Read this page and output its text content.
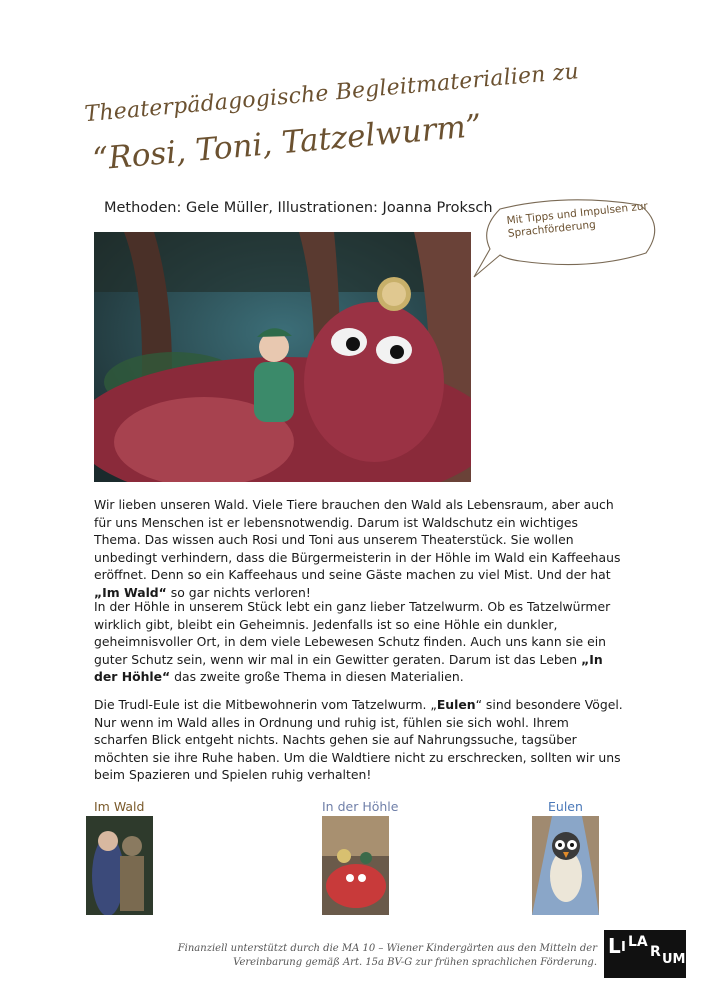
Theaterpädagogische Begleitmaterialien zu
“Rosi, Toni, Tatzelwurm”
Methoden: Gele Müller, Illustrationen: Joanna Proksch Mit Tipps und Impulsen zur Sprachförderung
Wir lieben unseren Wald. Viele Tiere brauchen den Wald als Lebensraum, aber auch für uns Menschen ist er lebensnotwendig. Darum ist Waldschutz ein wichtiges Thema. Das wissen auch Rosi und Toni aus unserem Theaterstück. Sie wollen unbedingt verhindern, dass die Bürgermeisterin in der Höhle im Wald ein Kaffeehaus eröffnet. Denn so ein Kaffeehaus und seine Gäste machen zu viel Mist. Und der hat „Im Wald“ so gar nichts verloren!
In der Höhle in unserem Stück lebt ein ganz lieber Tatzelwurm. Ob es Tatzelwürmer wirklich gibt, bleibt ein Geheimnis. Jedenfalls ist so eine Höhle ein dunkler, geheimnisvoller Ort, in dem viele Lebewesen Schutz finden. Auch uns kann sie ein guter Schutz sein, wenn wir mal in ein Gewitter geraten. Darum ist das Leben „In der Höhle“ das zweite große Thema in diesen Materialien.
Die Trudl-Eule ist die Mitbewohnerin vom Tatzelwurm. „Eulen“ sind besondere Vögel. Nur wenn im Wald alles in Ordnung und ruhig ist, fühlen sie sich wohl. Ihrem scharfen Blick entgeht nichts. Nachts gehen sie auf Nahrungssuche, tagsüber möchten sie ihre Ruhe haben. Um die Waldtiere nicht zu erschrecken, sollten wir uns beim Spazieren und Spielen ruhig verhalten!
Im Wald	In der Höhle	Eulen
Finanziell unterstützt durch die MA 10 – Wiener Kindergärten aus den Mitteln der
Vereinbarung gemäß Art. 15a BV-G zur frühen sprachlichen Förderung.
L I LA
R UM
